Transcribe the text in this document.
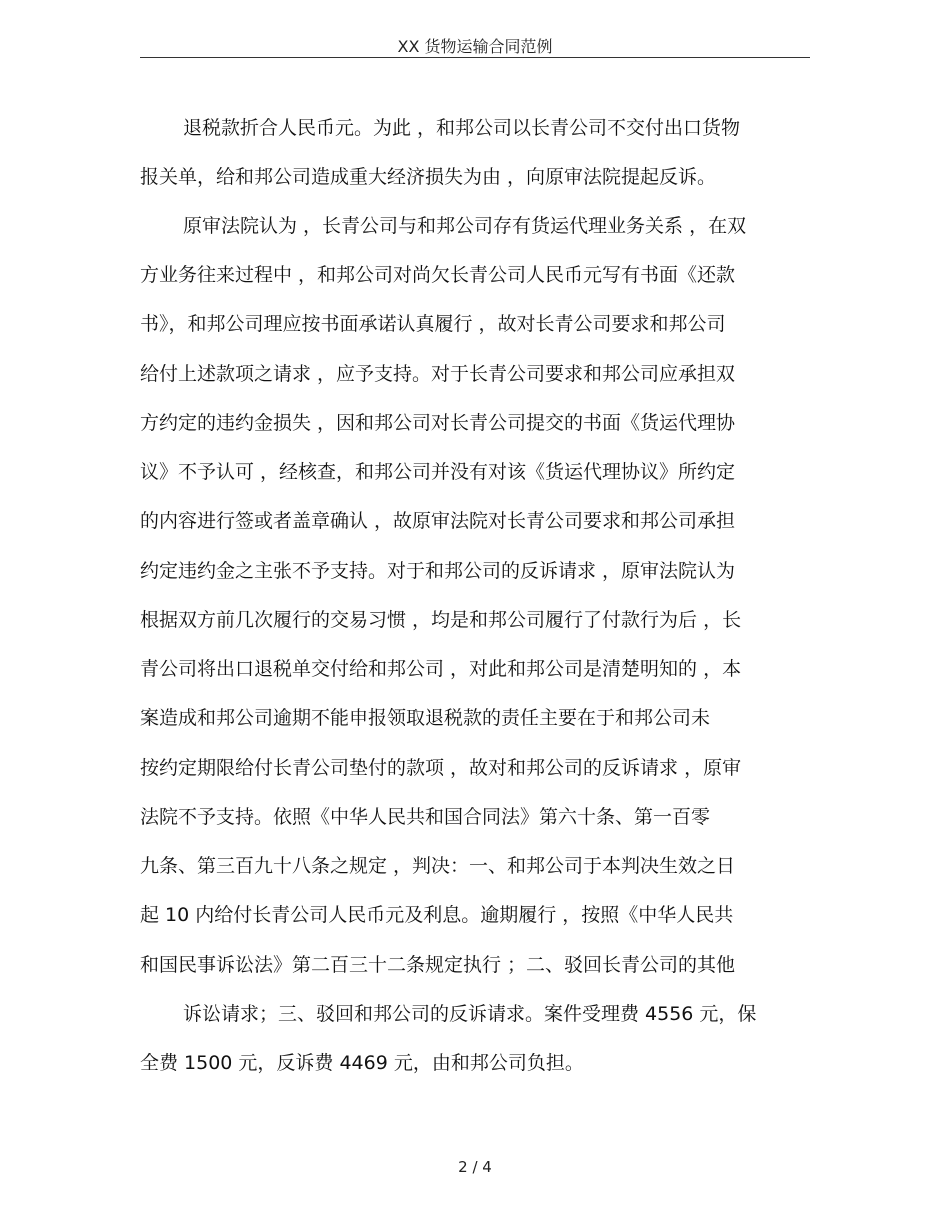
XX 货物运输合同范例
退税款折合人民币元。为此 ，和邦公司以长青公司不交付出口货物
报关单，给和邦公司造成重大经济损失为由 ，向原审法院提起反诉。
原审法院认为 ，长青公司与和邦公司存有货运代理业务关系 ，在双
方业务往来过程中 ，和邦公司对尚欠长青公司人民币元写有书面《还款
书》，和邦公司理应按书面承诺认真履行 ，故对长青公司要求和邦公司
给付上述款项之请求 ，应予支持。对于长青公司要求和邦公司应承担双
方约定的违约金损失 ，因和邦公司对长青公司提交的书面《货运代理协
议》不予认可 ，经核查，和邦公司并没有对该《货运代理协议》所约定
的内容进行签或者盖章确认 ，故原审法院对长青公司要求和邦公司承担
约定违约金之主张不予支持。对于和邦公司的反诉请求 ，原审法院认为
根据双方前几次履行的交易习惯 ，均是和邦公司履行了付款行为后 ，长
青公司将出口退税单交付给和邦公司 ，对此和邦公司是清楚明知的 ，本
案造成和邦公司逾期不能申报领取退税款的责任主要在于和邦公司未
按约定期限给付长青公司垫付的款项 ，故对和邦公司的反诉请求 ，原审
法院不予支持。依照《中华人民共和国合同法》第六十条、第一百零
九条、第三百九十八条之规定 ，判决：一、和邦公司于本判决生效之日
起 10 内给付长青公司人民币元及利息。逾期履行 ，按照《中华人民共
和国民事诉讼法》第二百三十二条规定执行 ；二、驳回长青公司的其他
诉讼请求；三、驳回和邦公司的反诉请求。案件受理费 4556 元，保
全费 1500 元，反诉费 4469 元，由和邦公司负担。
2 / 4
